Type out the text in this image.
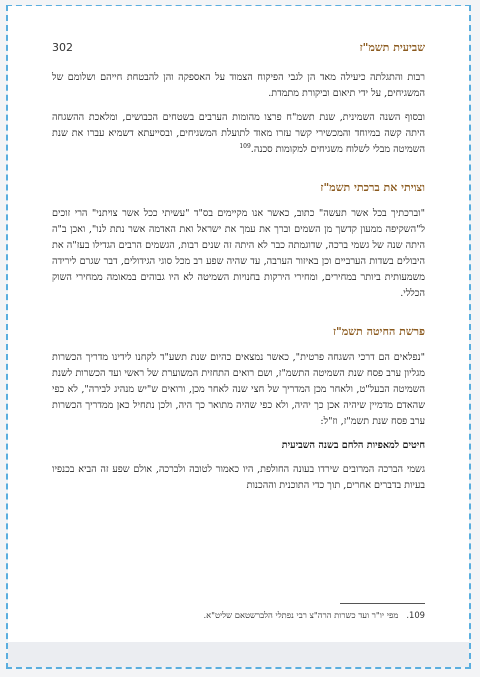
302	שביעית תשמ"ז

רבות והתגלתה כיעילה מאד הן לגבי הפיקוח הצמוד על האספקה והן להבטחת חייהם ושלומם של המשגיחים, על ידי תיאום וביקורת מתמדת.

ובסוף השנה השמינית, שנת תשמ"ח פרצו מהומות הערבים בשטחים הכבושים, ומלאכת ההשגחה היתה קשה במיוחד והמכשירי קשר עזרו מאוד לתועלת המשגיחים, ובסייעתא דשמיא עברו את שנת השמיטה מבלי לשלוח משגיחים למקומות סכנה.$^{109}$

וצויתי את ברכתי תשמ"ז

"וברכתיך בכל אשר תעשה" כתוב, כאשר אנו מקיימים בס"ד "עשיתי ככל אשר צויתני" הרי זוכים ל"השקיפה ממעון קדשך מן השמים וברך את עמך את ישראל ואת האדמה אשר נתת לנו", ואכן ב"ה היתה שנה של גשמי ברכה, שדוגמתה כבר לא היתה זה שנים רבות, הגשמים הרבים הגדילו בעז"ה את היבולים בשדות הערביים וכן באיזור הערבה, עד שהיה שפע רב מכל סוגי הגידולים, דבר שגרם לירידה משמעותית ביותר במחירים, ומחירי הירקות בחנויות השמיטה לא היו גבוהים במאומה ממחירי השוק הכללי.

פרשת החיטה תשמ"ז

"נפלאים הם דרכי השגחה פרטית", כאשר נמצאים כהיום שנת תשע"ד לקחנו לידינו מדריך הכשרות מגליון ערב פסח שנת השמיטה התשמ"ז, ושם רואים התחזית המשוערת של ראשי ועד הכשרות לשנת השמיטה הבעל"ט, ולאחר מכן המדריך של חצי שנה לאחר מכן, ורואים ש"יש מנהיג לבירה", לא כפי שהאדם מדמיין שיהיה אכן כך יהיה, ולא כפי שהיה מתואר כך היה, ולכן נתחיל כאן ממדריך הכשרות ערב פסח שנת תשמ"ז, וז"ל:

חיטים למאפיות הלחם בשנה השביעית

גשמי הברכה המרובים שירדו בעונה החולפת, היו כאמור לטובה ולברכה, אולם שפע זה הביא בכנפיו בעיות בדברים אחרים, תוך כדי התוכנית וההכנות

109.מפי יו"ר ועד כשרות הרה"צ רבי נפתלי הלברשטאם שליט"א.
